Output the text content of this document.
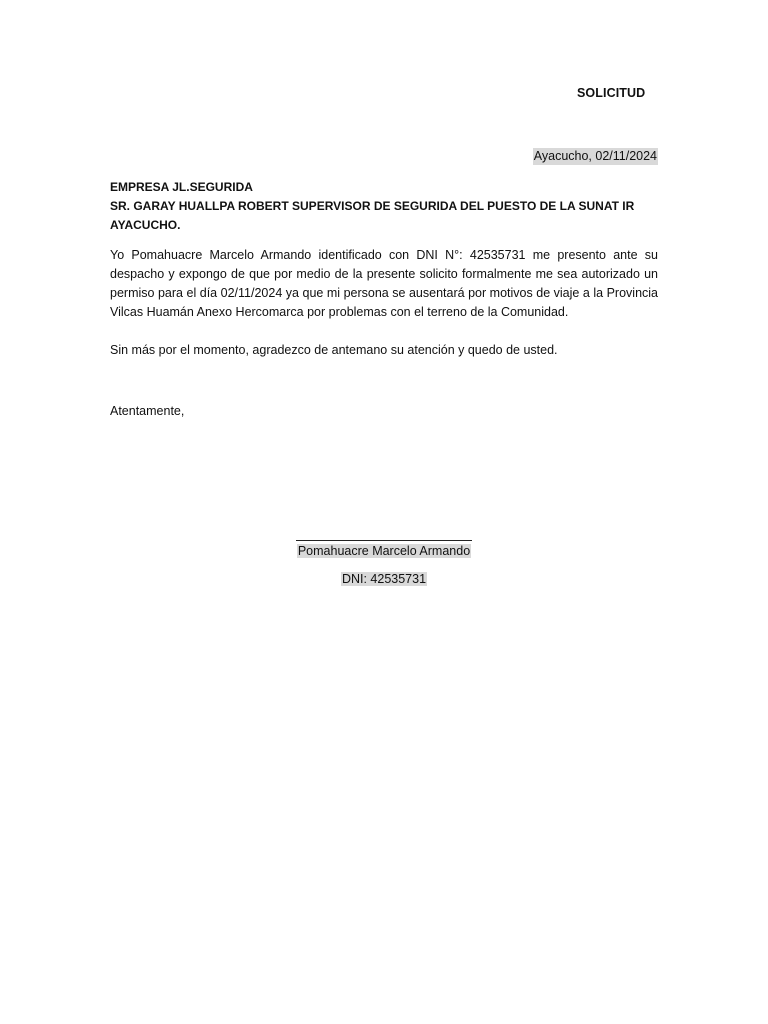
SOLICITUD
Ayacucho, 02/11/2024
EMPRESA JL.SEGURIDA
SR. GARAY HUALLPA ROBERT SUPERVISOR DE SEGURIDA DEL PUESTO DE LA SUNAT IR
AYACUCHO.

Yo Pomahuacre Marcelo Armando identificado con DNI N°: 42535731 me presento ante su despacho y expongo de que por medio de la presente solicito formalmente me sea autorizado un permiso para el día 02/11/2024 ya que mi persona se ausentará por motivos de viaje a la Provincia Vilcas Huamán Anexo Hercomarca por problemas con el terreno de la Comunidad.

Sin más por el momento, agradezco de antemano su atención y quedo de usted.
Atentamente,
Pomahuacre Marcelo Armando
DNI: 42535731
